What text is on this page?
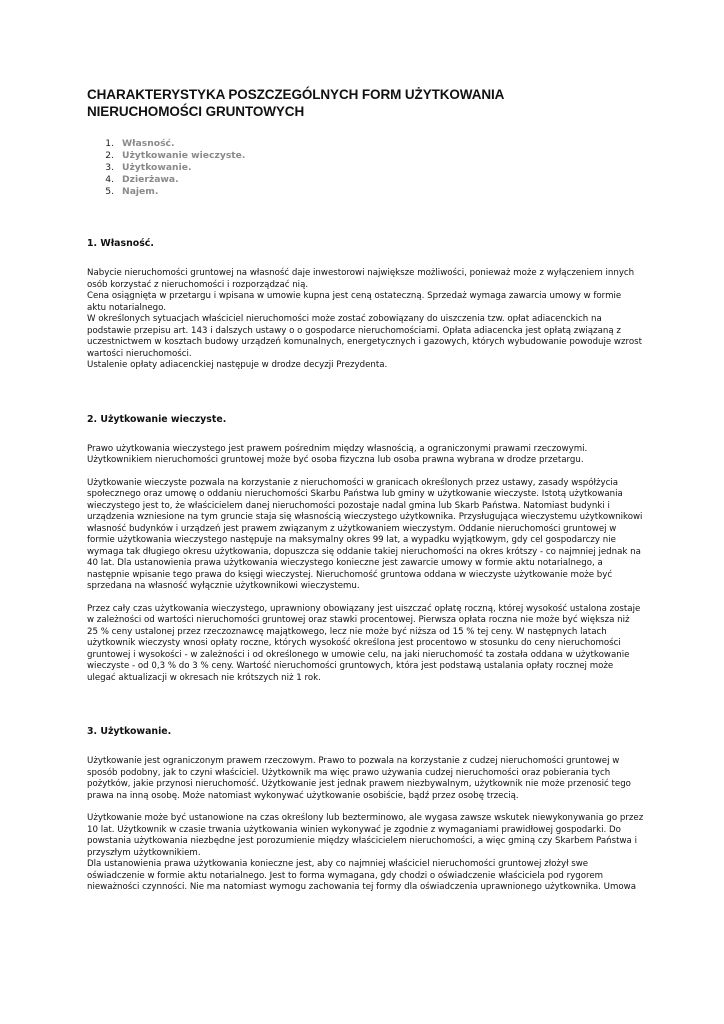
CHARAKTERYSTYKA POSZCZEGÓLNYCH FORM UŻYTKOWANIA
NIERUCHOMOŚCI GRUNTOWYCH
1. Własność.
2. Użytkowanie wieczyste.
3. Użytkowanie.
4. Dzierżawa.
5. Najem.
1. Własność.

Nabycie nieruchomości gruntowej na własność daje inwestorowi największe możliwości, ponieważ może z wyłączeniem innych
osób korzystać z nieruchomości i rozporządzać nią.
Cena osiągnięta w przetargu i wpisana w umowie kupna jest ceną ostateczną. Sprzedaż wymaga zawarcia umowy w formie
aktu notarialnego.
W określonych sytuacjach właściciel nieruchomości może zostać zobowiązany do uiszczenia tzw. opłat adiacenckich na
podstawie przepisu art. 143 i dalszych ustawy o o gospodarce nieruchomościami. Opłata adiacencka jest opłatą związaną z
uczestnictwem w kosztach budowy urządzeń komunalnych, energetycznych i gazowych, których wybudowanie powoduje wzrost
wartości nieruchomości.
Ustalenie opłaty adiacenckiej następuje w drodze decyzji Prezydenta.

2. Użytkowanie wieczyste.

Prawo użytkowania wieczystego jest prawem pośrednim między własnością, a ograniczonymi prawami rzeczowymi.
Użytkownikiem nieruchomości gruntowej może być osoba fizyczna lub osoba prawna wybrana w drodze przetargu.

Użytkowanie wieczyste pozwala na korzystanie z nieruchomości w granicach określonych przez ustawy, zasady współżycia
społecznego oraz umowę o oddaniu nieruchomości Skarbu Państwa lub gminy w użytkowanie wieczyste. Istotą użytkowania
wieczystego jest to, że właścicielem danej nieruchomości pozostaje nadal gmina lub Skarb Państwa. Natomiast budynki i
urządzenia wzniesione na tym gruncie staja się własnością wieczystego użytkownika. Przysługująca wieczystemu użytkownikowi
własność budynków i urządzeń jest prawem związanym z użytkowaniem wieczystym. Oddanie nieruchomości gruntowej w
formie użytkowania wieczystego następuje na maksymalny okres 99 lat, a wypadku wyjątkowym, gdy cel gospodarczy nie
wymaga tak długiego okresu użytkowania, dopuszcza się oddanie takiej nieruchomości na okres krótszy - co najmniej jednak na
40 lat. Dla ustanowienia prawa użytkowania wieczystego konieczne jest zawarcie umowy w formie aktu notarialnego, a
następnie wpisanie tego prawa do księgi wieczystej. Nieruchomość gruntowa oddana w wieczyste użytkowanie może być
sprzedana na własność wyłącznie użytkownikowi wieczystemu.

Przez cały czas użytkowania wieczystego, uprawniony obowiązany jest uiszczać opłatę roczną, której wysokość ustalona zostaje
w zależności od wartości nieruchomości gruntowej oraz stawki procentowej. Pierwsza opłata roczna nie może być większa niż
25 % ceny ustalonej przez rzeczoznawcę majątkowego, lecz nie może być niższa od 15 % tej ceny. W następnych latach
użytkownik wieczysty wnosi opłaty roczne, których wysokość określona jest procentowo w stosunku do ceny nieruchomości
gruntowej i wysokości - w zależności i od określonego w umowie celu, na jaki nieruchomość ta została oddana w użytkowanie
wieczyste - od 0,3 % do 3 % ceny. Wartość nieruchomości gruntowych, która jest podstawą ustalania opłaty rocznej może
ulegać aktualizacji w okresach nie krótszych niż 1 rok.

3. Użytkowanie.

Użytkowanie jest ograniczonym prawem rzeczowym. Prawo to pozwala na korzystanie z cudzej nieruchomości gruntowej w
sposób podobny, jak to czyni właściciel. Użytkownik ma więc prawo używania cudzej nieruchomości oraz pobierania tych
pożytków, jakie przynosi nieruchomość. Użytkowanie jest jednak prawem niezbywalnym, użytkownik nie może przenosić tego
prawa na inną osobę. Może natomiast wykonywać użytkowanie osobiście, bądź przez osobę trzecią.

Użytkowanie może być ustanowione na czas określony lub bezterminowo, ale wygasa zawsze wskutek niewykonywania go przez
10 lat. Użytkownik w czasie trwania użytkowania winien wykonywać je zgodnie z wymaganiami prawidłowej gospodarki. Do
powstania użytkowania niezbędne jest porozumienie między właścicielem nieruchomości, a więc gminą czy Skarbem Państwa i
przyszłym użytkownikiem.
Dla ustanowienia prawa użytkowania konieczne jest, aby co najmniej właściciel nieruchomości gruntowej złożył swe
oświadczenie w formie aktu notarialnego. Jest to forma wymagana, gdy chodzi o oświadczenie właściciela pod rygorem
nieważności czynności. Nie ma natomiast wymogu zachowania tej formy dla oświadczenia uprawnionego użytkownika. Umowa
